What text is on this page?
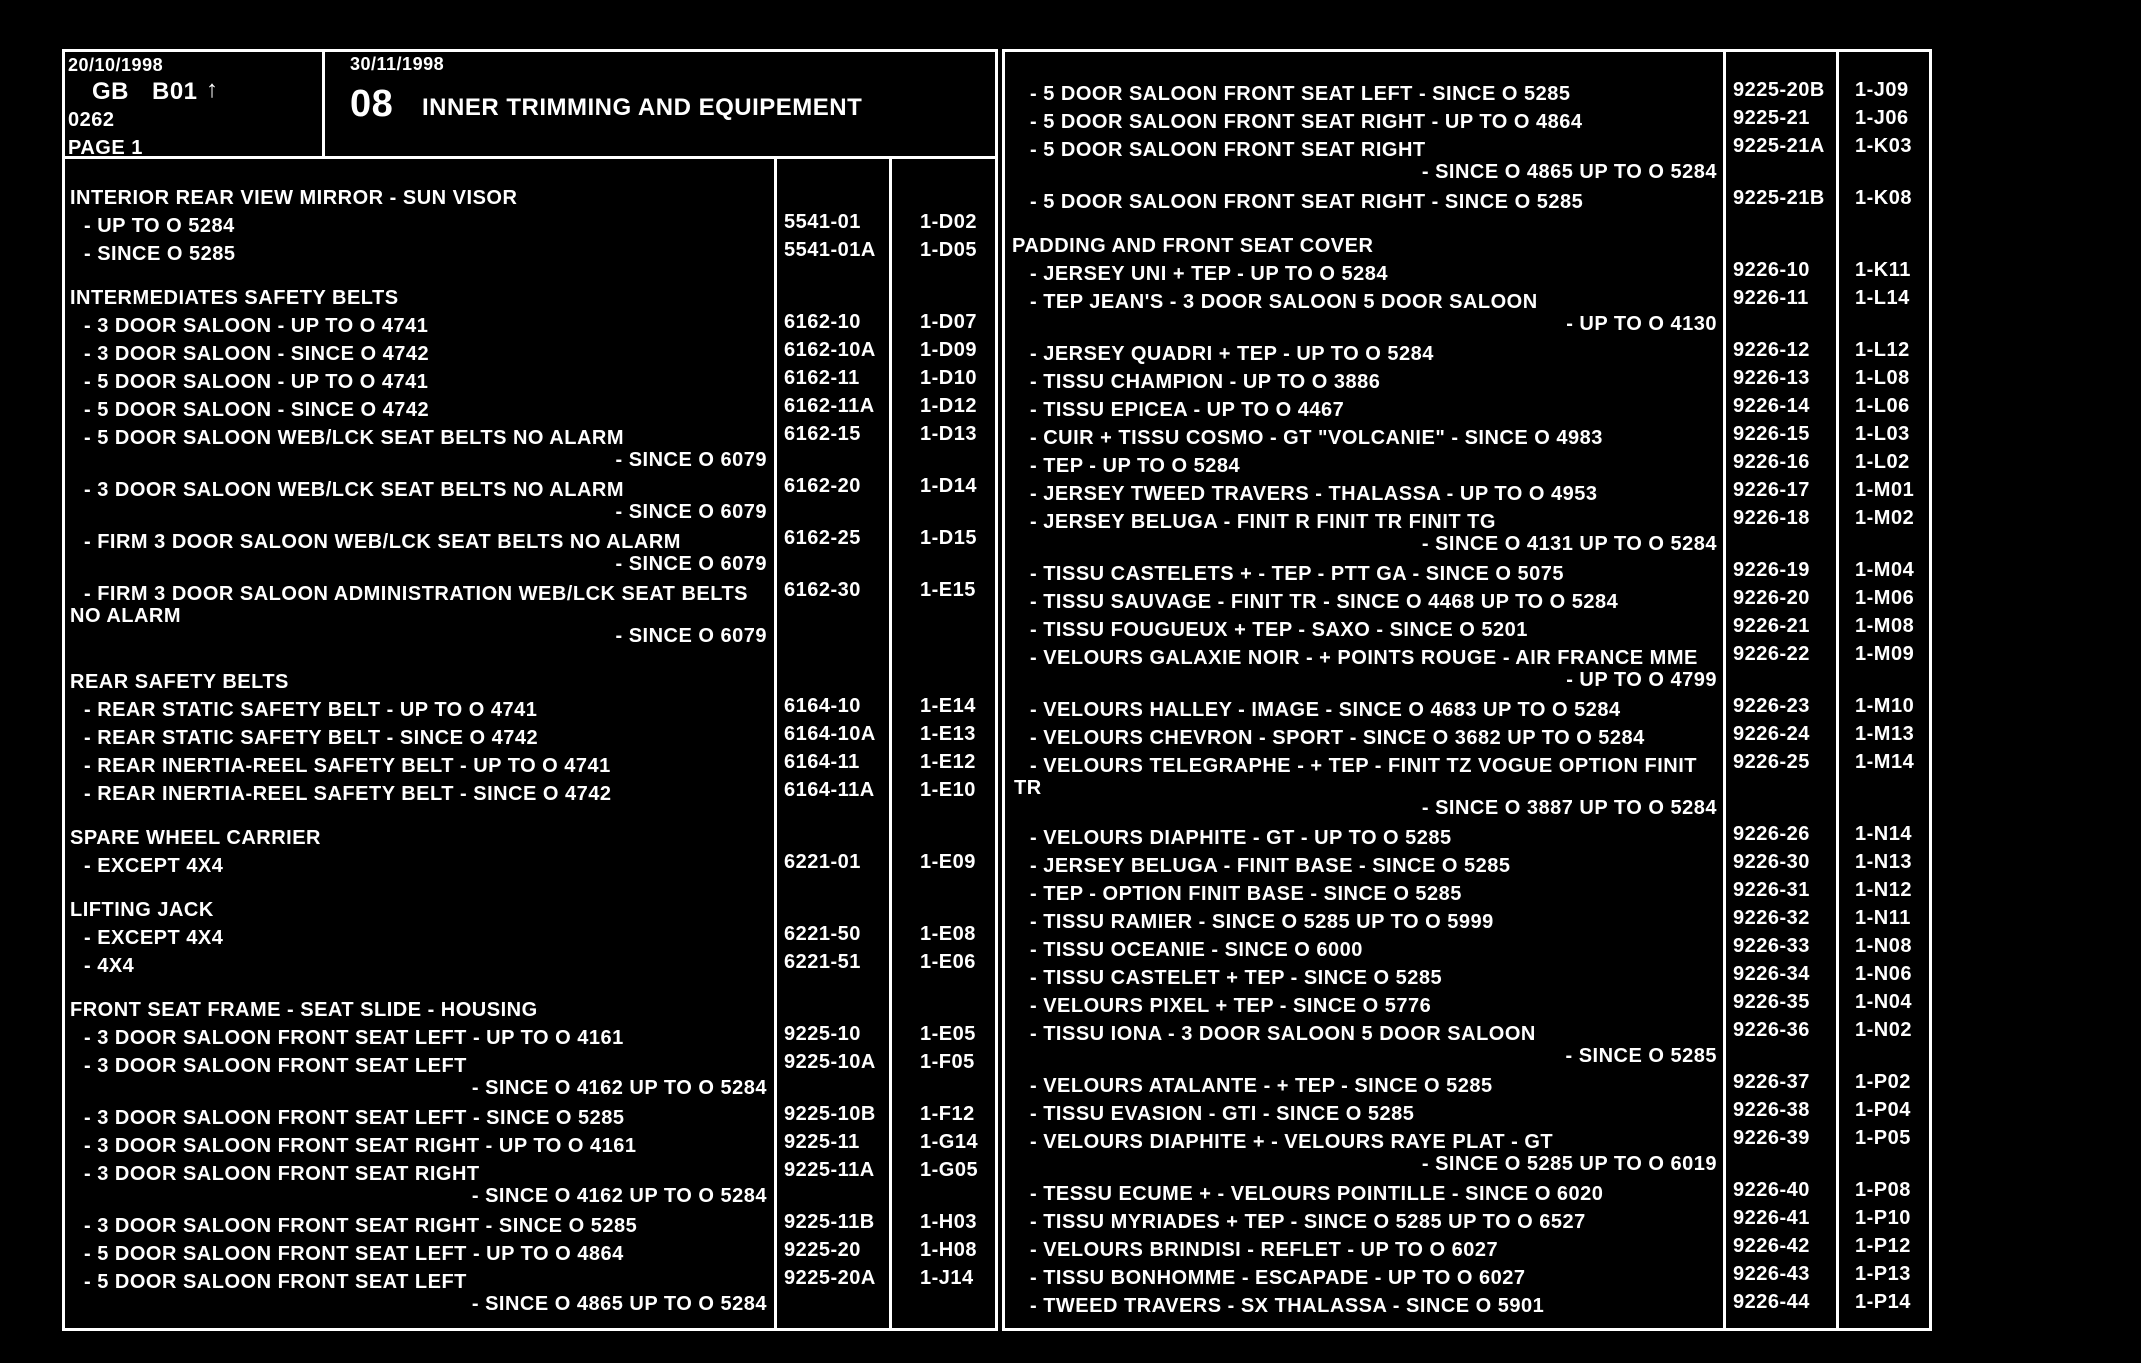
20/10/1998
GB B01 ↑
0262
PAGE 1
30/11/1998
08 INNER TRIMMING AND EQUIPEMENT
INTERIOR REAR VIEW MIRROR - SUN VISOR
- UP TO O 5284	5541-01	1-D02
- SINCE O 5285	5541-01A 1-D05
INTERMEDIATES SAFETY BELTS
- 3 DOOR SALOON - UP TO O 4741	6162-10	1-D07
- 3 DOOR SALOON - SINCE O 4742	6162-10A 1-D09
- 5 DOOR SALOON - UP TO O 4741	6162-11	1-D10
- 5 DOOR SALOON - SINCE O 4742	6162-11A 1-D12
- 5 DOOR SALOON WEB/LCK SEAT BELTS NO ALARM	6162-15	1-D13
- SINCE O 6079
- 3 DOOR SALOON WEB/LCK SEAT BELTS NO ALARM	6162-20	1-D14
- SINCE O 6079
- FIRM 3 DOOR SALOON WEB/LCK SEAT BELTS NO ALARM	6162-25	1-D15
- SINCE O 6079
- FIRM 3 DOOR SALOON ADMINISTRATION WEB/LCK SEAT BELTS 6162-30	1-E15
NO ALARM
- SINCE O 6079
REAR SAFETY BELTS
- REAR STATIC SAFETY BELT - UP TO O 4741	6164-10	1-E14
- REAR STATIC SAFETY BELT - SINCE O 4742	6164-10A 1-E13
- REAR INERTIA-REEL SAFETY BELT - UP TO O 4741	6164-11	1-E12
- REAR INERTIA-REEL SAFETY BELT - SINCE O 4742	6164-11A 1-E10
SPARE WHEEL CARRIER
- EXCEPT 4X4	6221-01	1-E09
LIFTING JACK
- EXCEPT 4X4	6221-50	1-E08
- 4X4	6221-51	1-E06
FRONT SEAT FRAME - SEAT SLIDE - HOUSING
- 3 DOOR SALOON FRONT SEAT LEFT - UP TO O 4161	9225-10	1-E05
- 3 DOOR SALOON FRONT SEAT LEFT	9225-10A 1-F05
- SINCE O 4162 UP TO O 5284
- 3 DOOR SALOON FRONT SEAT LEFT - SINCE O 5285	9225-10B 1-F12
- 3 DOOR SALOON FRONT SEAT RIGHT - UP TO O 4161	9225-11	1-G14
- 3 DOOR SALOON FRONT SEAT RIGHT	9225-11A 1-G05
- SINCE O 4162 UP TO O 5284
- 3 DOOR SALOON FRONT SEAT RIGHT - SINCE O 5285	9225-11B 1-H03
- 5 DOOR SALOON FRONT SEAT LEFT - UP TO O 4864	9225-20	1-H08
- 5 DOOR SALOON FRONT SEAT LEFT	9225-20A 1-J14
- SINCE O 4865 UP TO O 5284
- 5 DOOR SALOON FRONT SEAT LEFT - SINCE O 5285	9225-20B 1-J09
- 5 DOOR SALOON FRONT SEAT RIGHT - UP TO O 4864	9225-21 1-J06
- 5 DOOR SALOON FRONT SEAT RIGHT	9225-21A 1-K03
- SINCE O 4865 UP TO O 5284
- 5 DOOR SALOON FRONT SEAT RIGHT - SINCE O 5285	9225-21B 1-K08
PADDING AND FRONT SEAT COVER
- JERSEY UNI + TEP - UP TO O 5284	9226-10 1-K11
- TEP JEAN'S - 3 DOOR SALOON 5 DOOR SALOON	9226-11 1-L14
- UP TO O 4130
- JERSEY QUADRI + TEP - UP TO O 5284	9226-12 1-L12
- TISSU CHAMPION - UP TO O 3886	9226-13 1-L08
- TISSU EPICEA - UP TO O 4467	9226-14 1-L06
- CUIR + TISSU COSMO - GT "VOLCANIE" - SINCE O 4983	9226-15 1-L03
- TEP - UP TO O 5284	9226-16 1-L02
- JERSEY TWEED TRAVERS - THALASSA - UP TO O 4953	9226-17 1-M01
- JERSEY BELUGA - FINIT R FINIT TR FINIT TG	9226-18 1-M02
- SINCE O 4131 UP TO O 5284
- TISSU CASTELETS + - TEP - PTT GA - SINCE O 5075	9226-19 1-M04
- TISSU SAUVAGE - FINIT TR - SINCE O 4468 UP TO O 5284	9226-20 1-M06
- TISSU FOUGUEUX + TEP - SAXO - SINCE O 5201	9226-21 1-M08
- VELOURS GALAXIE NOIR - + POINTS ROUGE - AIR FRANCE MME 9226-22 1-M09
- UP TO O 4799
- VELOURS HALLEY - IMAGE - SINCE O 4683 UP TO O 5284	9226-23 1-M10
- VELOURS CHEVRON - SPORT - SINCE O 3682 UP TO O 5284	9226-24 1-M13
- VELOURS TELEGRAPHE - + TEP - FINIT TZ VOGUE OPTION FINIT 9226-25 1-M14
TR
- SINCE O 3887 UP TO O 5284
- VELOURS DIAPHITE - GT - UP TO O 5285	9226-26 1-N14
- JERSEY BELUGA - FINIT BASE - SINCE O 5285	9226-30 1-N13
- TEP - OPTION FINIT BASE - SINCE O 5285	9226-31 1-N12
- TISSU RAMIER - SINCE O 5285 UP TO O 5999	9226-32 1-N11
- TISSU OCEANIE - SINCE O 6000	9226-33 1-N08
- TISSU CASTELET + TEP - SINCE O 5285	9226-34 1-N06
- VELOURS PIXEL + TEP - SINCE O 5776	9226-35 1-N04
- TISSU IONA - 3 DOOR SALOON 5 DOOR SALOON	9226-36 1-N02
- SINCE O 5285
- VELOURS ATALANTE - + TEP - SINCE O 5285	9226-37 1-P02
- TISSU EVASION - GTI - SINCE O 5285	9226-38 1-P04
- VELOURS DIAPHITE + - VELOURS RAYE PLAT - GT	9226-39 1-P05
- SINCE O 5285 UP TO O 6019
- TESSU ECUME + - VELOURS POINTILLE - SINCE O 6020	9226-40 1-P08
- TISSU MYRIADES + TEP - SINCE O 5285 UP TO O 6527	9226-41 1-P10
- VELOURS BRINDISI - REFLET - UP TO O 6027	9226-42 1-P12
- TISSU BONHOMME - ESCAPADE - UP TO O 6027	9226-43 1-P13
- TWEED TRAVERS - SX THALASSA - SINCE O 5901	9226-44 1-P14
